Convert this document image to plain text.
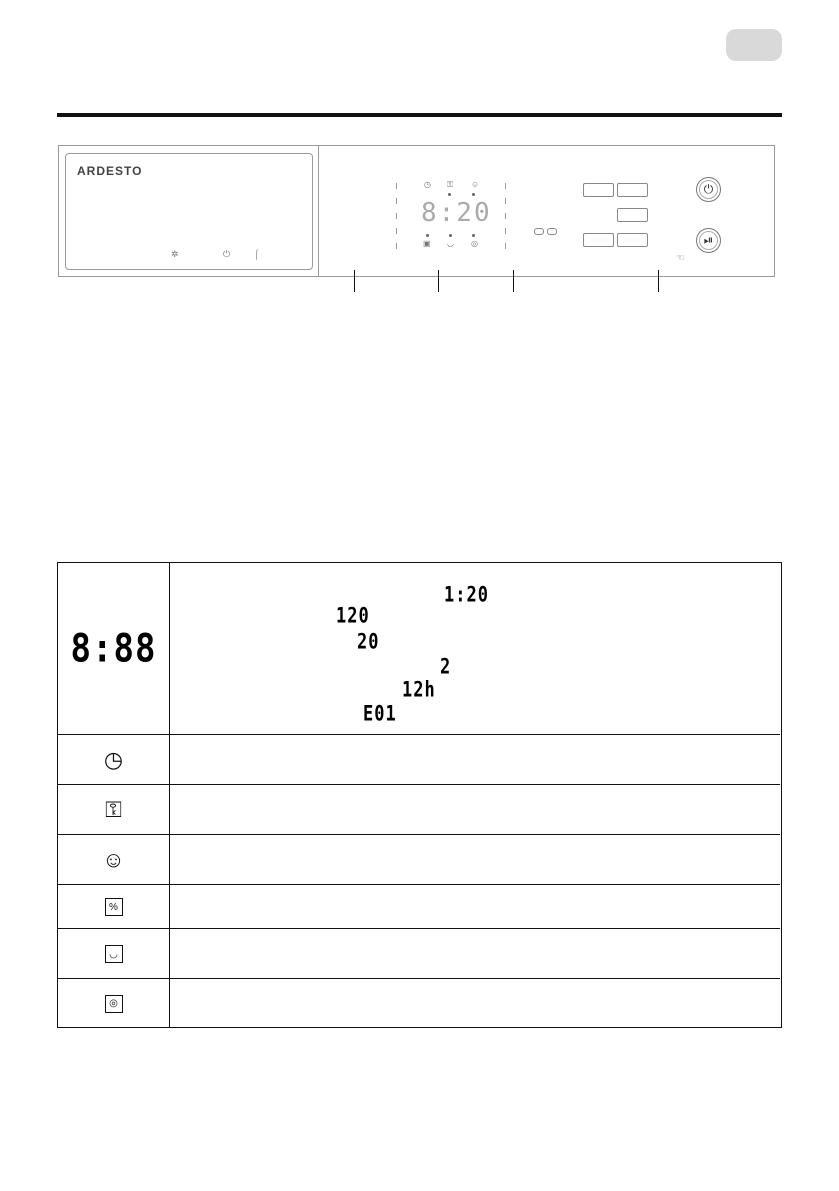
ARDESTO
✲	⏻	⌠
◷ ⚿ ☺
8:20
▣ ◡ ◎
⏻
⏯
☜
8:88
1:20
120
20
2
12h
E01
◷
⚿
☺
%
◡
◎
